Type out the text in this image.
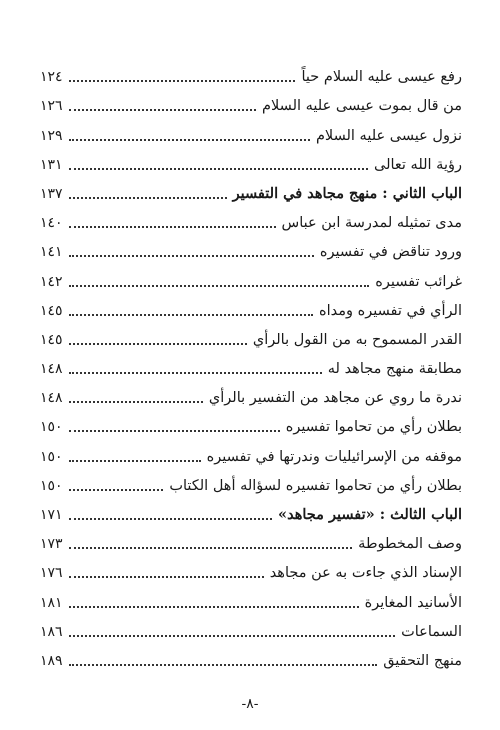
رفع عيسى عليه السلام حياً
١٢٤
من قال بموت عيسى عليه السلام
١٢٦
نزول عيسى عليه السلام
١٢٩
رؤية الله تعالى
١٣١
الباب الثاني : منهج مجاهد في التفسير
١٣٧
مدى تمثيله لمدرسة ابن عباس
١٤٠
ورود تناقض في تفسيره
١٤١
غرائب تفسيره
١٤٢
الرأي في تفسيره ومداه
١٤٥
القدر المسموح به من القول بالرأي
١٤٥
مطابقة منهج مجاهد له
١٤٨
ندرة ما روي عن مجاهد من التفسير بالرأي
١٤٨
بطلان رأي من تحاموا تفسيره
١٥٠
موقفه من الإسرائيليات وندرتها في تفسيره
١٥٠
بطلان رأي من تحاموا تفسيره لسؤاله أهل الكتاب
١٥٠
الباب الثالث : «تفسير مجاهد»
١٧١
وصف المخطوطة
١٧٣
الإسناد الذي جاءت به عن مجاهد
١٧٦
الأسانيد المغايرة
١٨١
السماعات
١٨٦
منهج التحقيق
١٨٩
-٨-
